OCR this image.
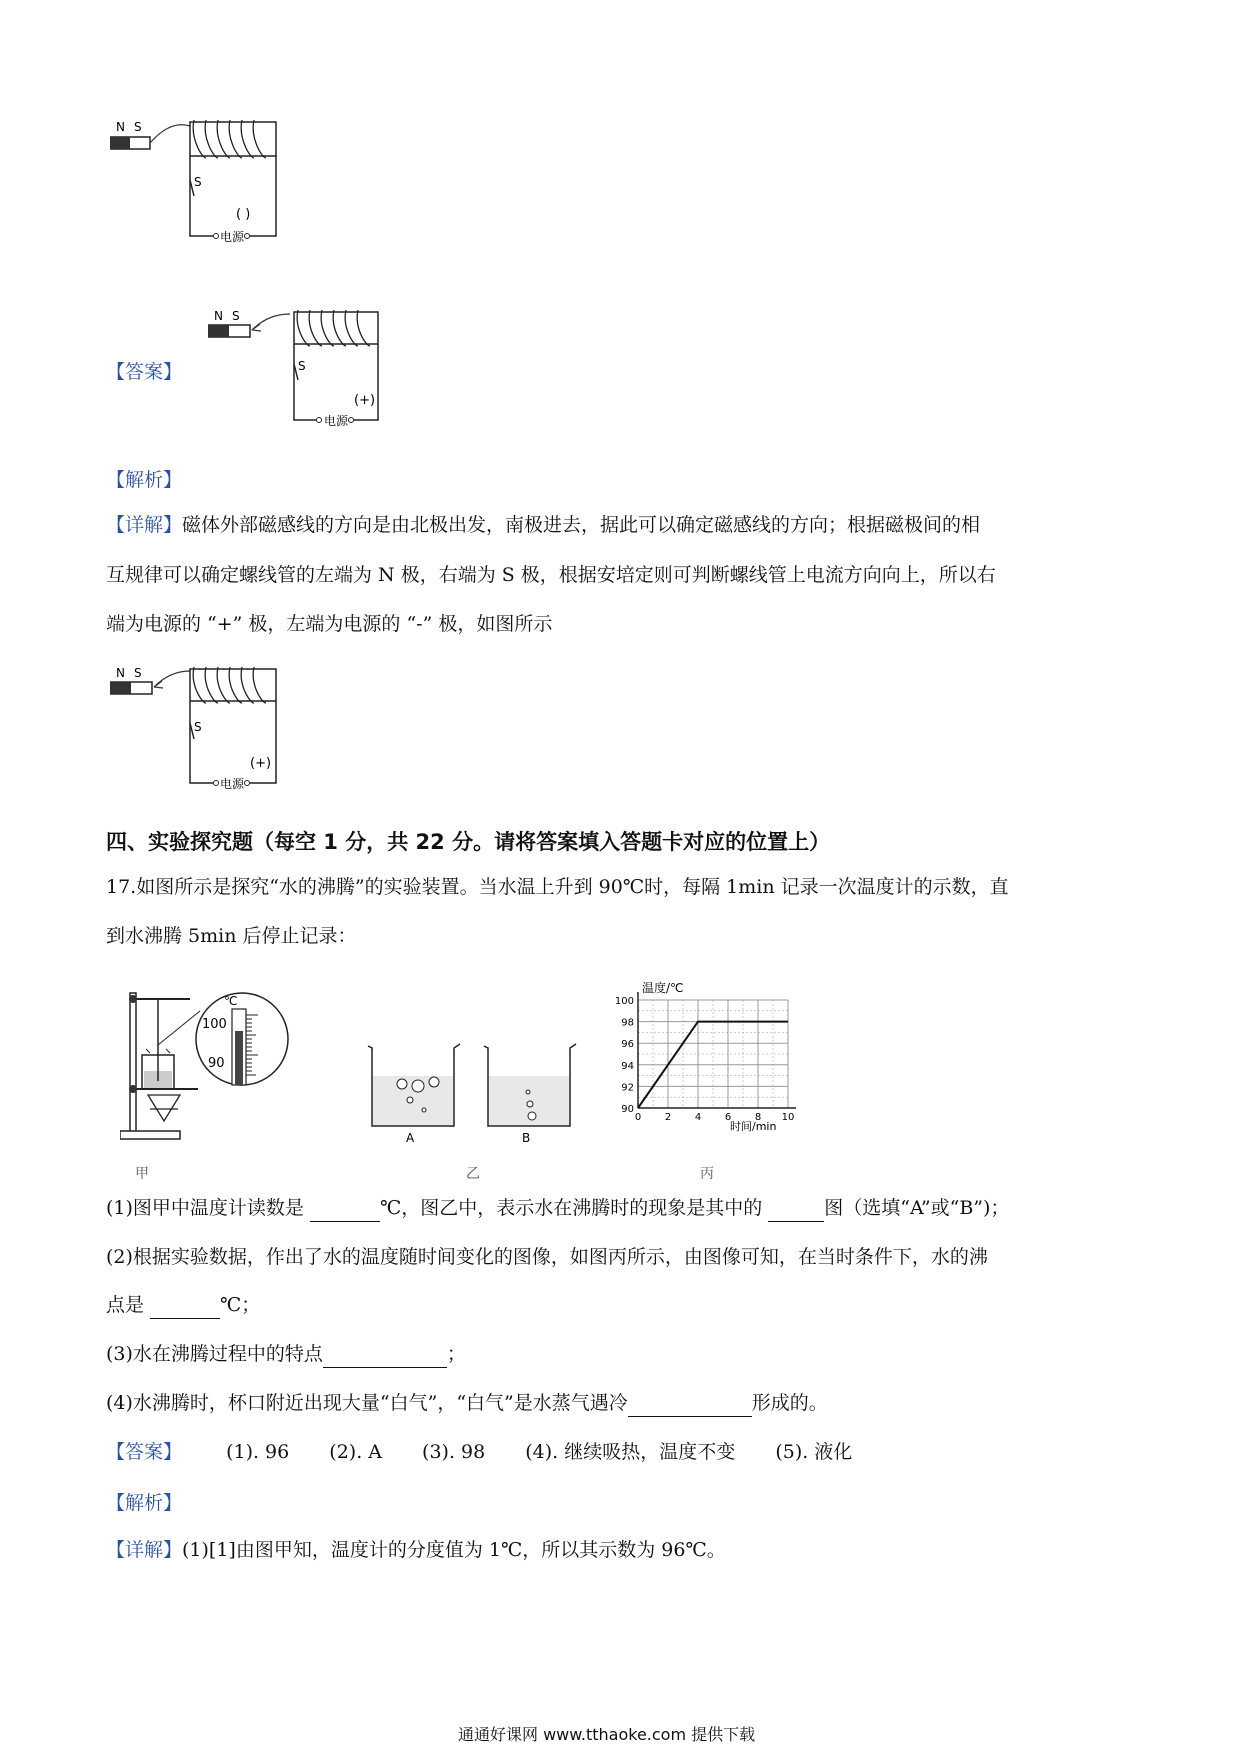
N S
S
电源
( )
【答案】
N S
S
电源
(+)
【解析】
【详解】磁体外部磁感线的方向是由北极出发，南极进去，据此可以确定磁感线的方向；根据磁极间的相
互规律可以确定螺线管的左端为 N 极，右端为 S 极，根据安培定则可判断螺线管上电流方向向上，所以右
端为电源的 “+” 极，左端为电源的 “-” 极，如图所示
N S
S
电源
(+)
四、实验探究题（每空 1 分，共 22 分。请将答案填入答题卡对应的位置上）
17.如图所示是探究“水的沸腾”的实验装置。当水温上升到 90℃时，每隔 1min 记录一次温度计的示数，直
到水沸腾 5min 后停止记录：
℃
100
90
甲
A	B
乙
温度/℃
时间/min
90
92
94
96
98
100
0 2 4 6 8 10
丙
(1)图甲中温度计读数是	℃，图乙中，表示水在沸腾时的现象是其中的	图（选填“A”或“B”)；
(2)根据实验数据，作出了水的温度随时间变化的图像，如图丙所示，由图像可知，在当时条件下，水的沸
点是	℃；
(3)水在沸腾过程中的特点	；
(4)水沸腾时，杯口附近出现大量“白气”，“白气”是水蒸气遇冷	形成的。
【答案】 (1). 96 (2). A (3). 98 (4). 继续吸热，温度不变 (5). 液化
【解析】
【详解】(1)[1]由图甲知，温度计的分度值为 1℃，所以其示数为 96℃。
通通好课网 www.tthaoke.com 提供下载
